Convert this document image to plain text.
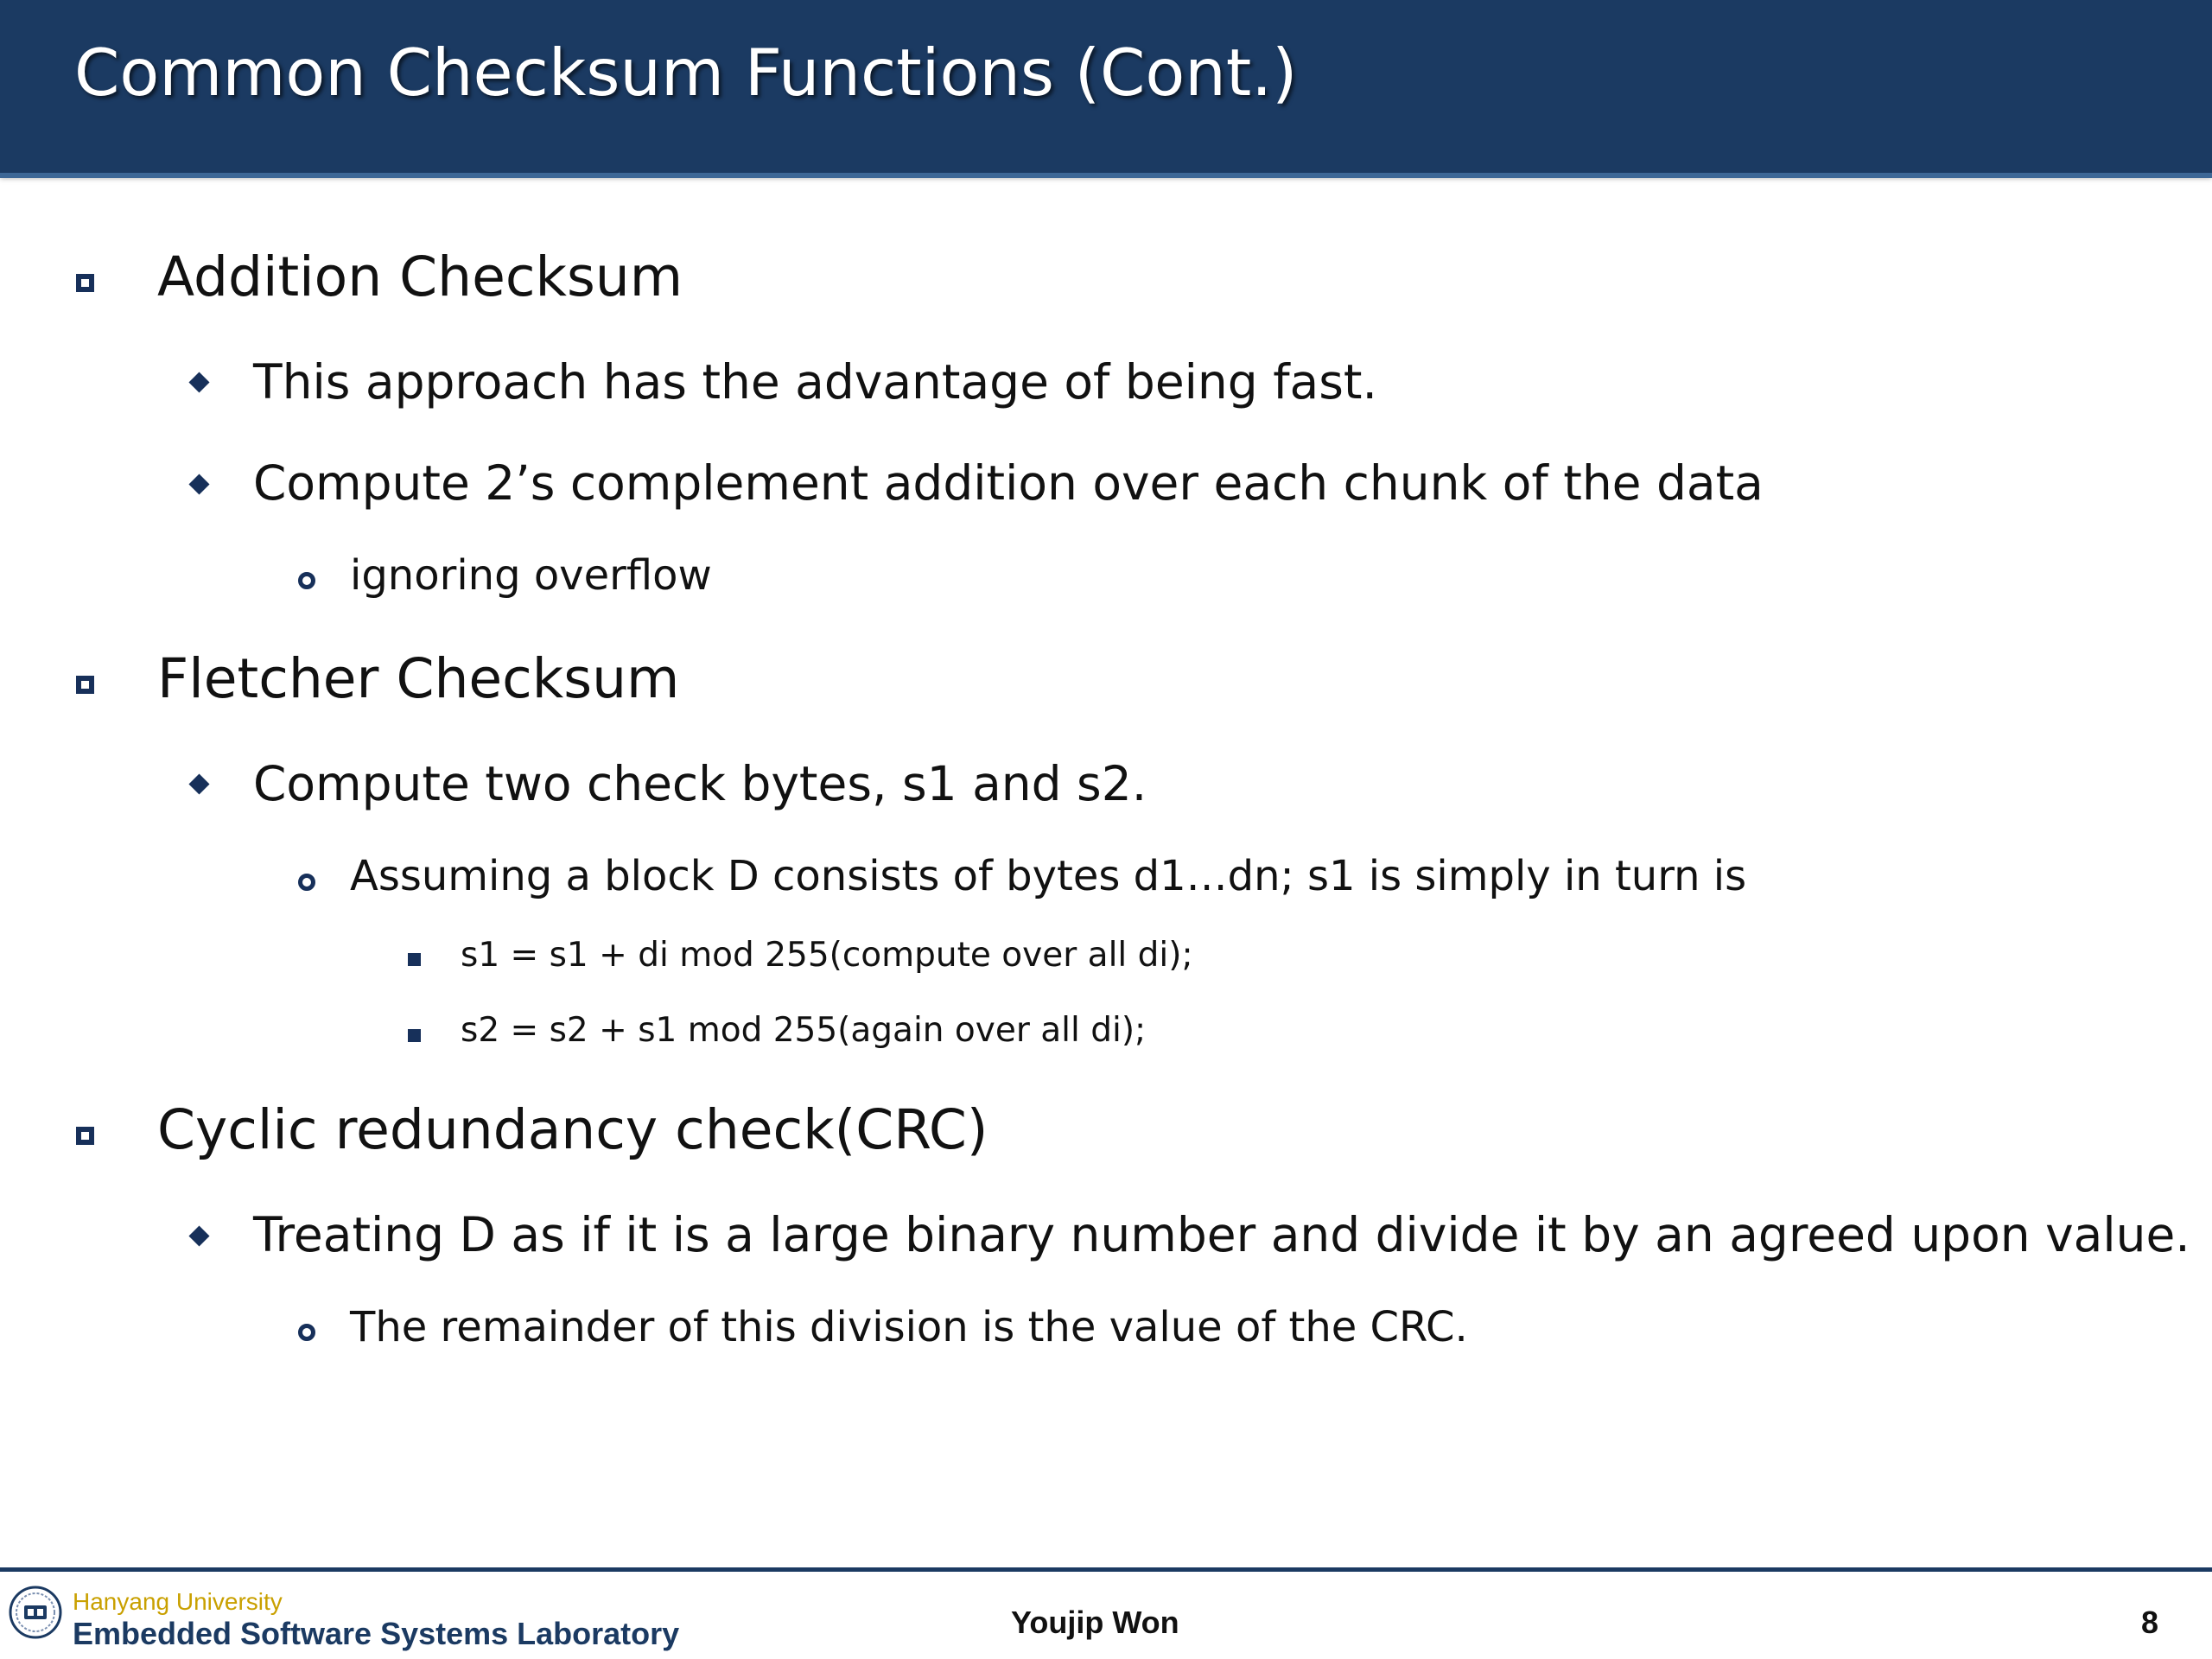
Common Checksum Functions (Cont.)
Addition Checksum
This approach has the advantage of being fast.
Compute 2’s complement addition over each chunk of the data
ignoring overflow
Fletcher Checksum
Compute two check bytes, s1 and s2.
Assuming a block D consists of bytes d1…dn; s1 is simply in turn is
s1 = s1 + di mod 255(compute over all di);
s2 = s2 + s1 mod 255(again over all di);
Cyclic redundancy check(CRC)
Treating D as if it is a large binary number and divide it by an agreed upon value.
The remainder of this division is the value of the CRC.
Hanyang University
Embedded Software Systems Laboratory	Youjip Won	8
